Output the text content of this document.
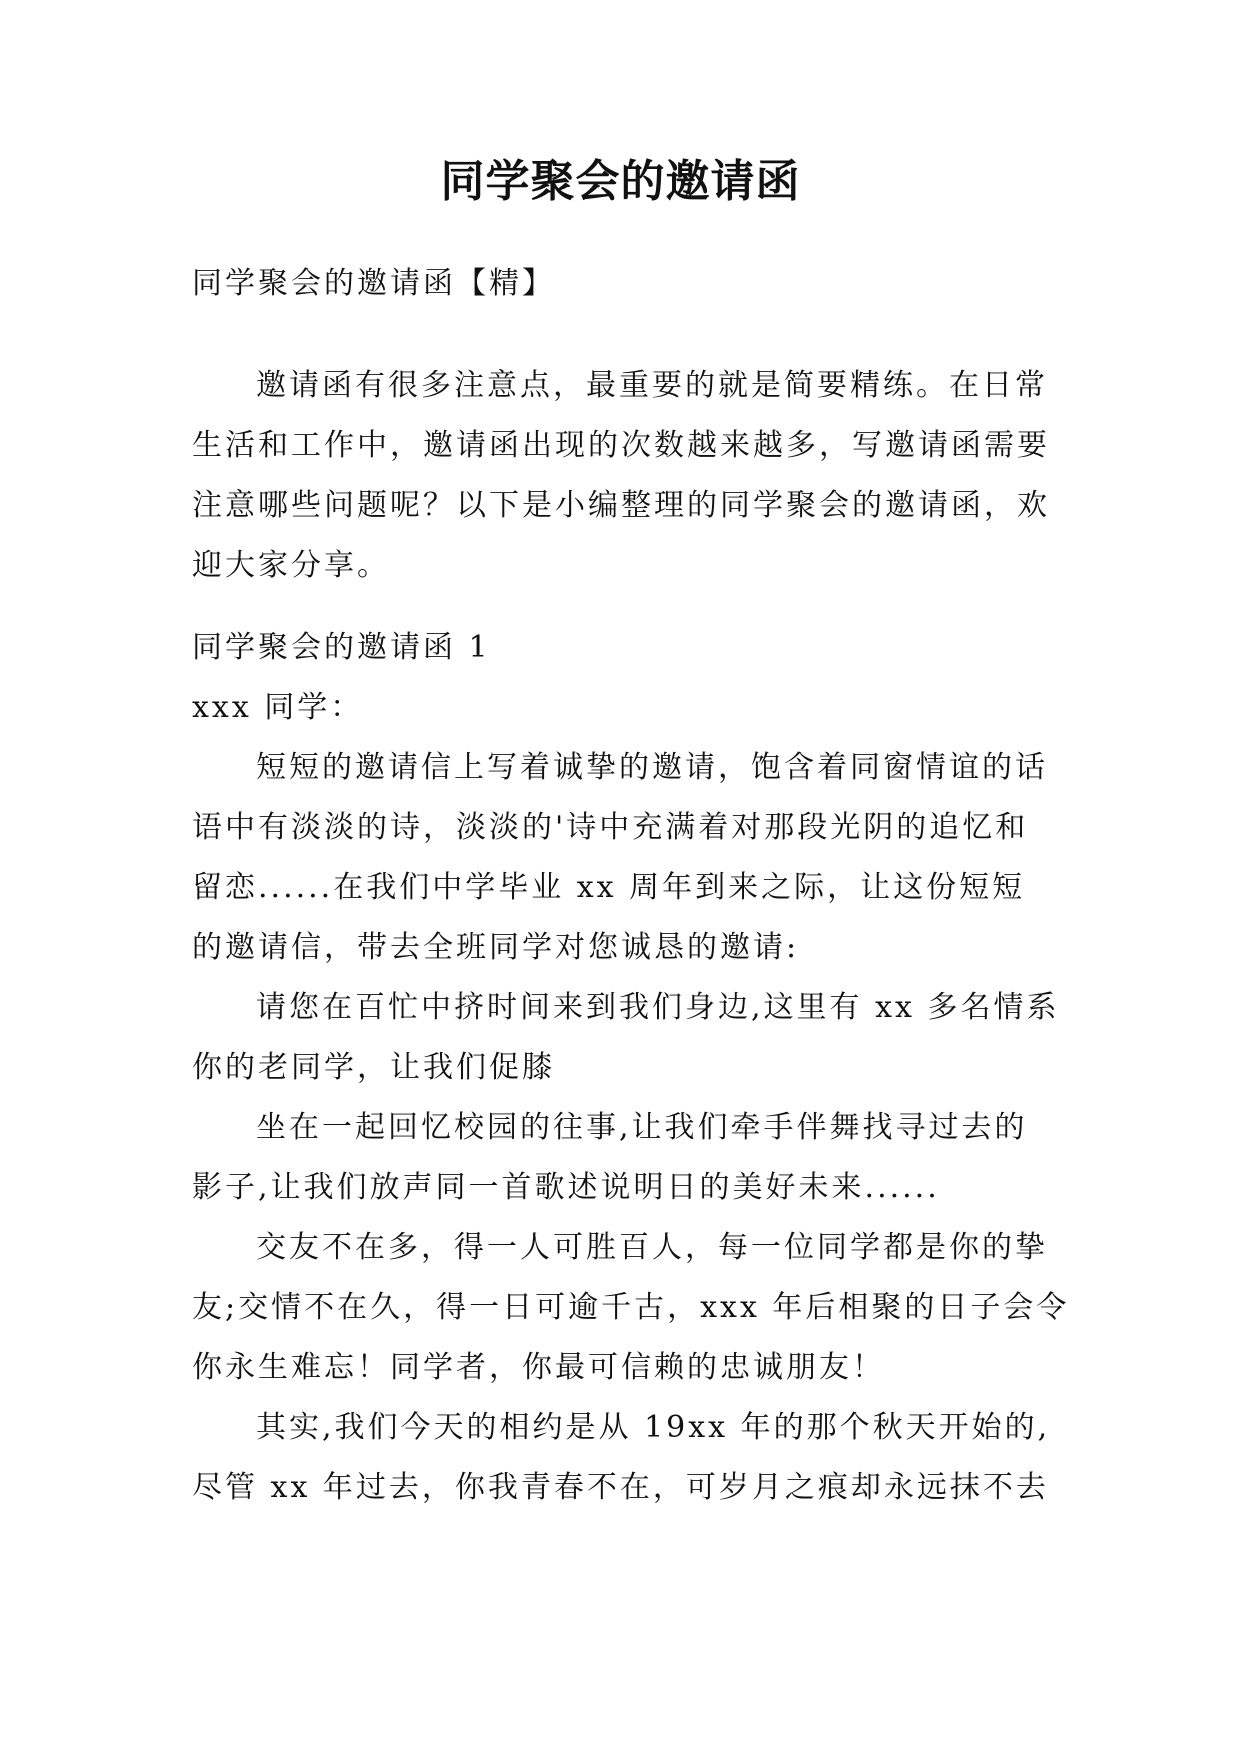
同学聚会的邀请函
同学聚会的邀请函【精】
邀请函有很多注意点，最重要的就是简要精练。在日常
生活和工作中，邀请函出现的次数越来越多，写邀请函需要
注意哪些问题呢？以下是小编整理的同学聚会的邀请函，欢
迎大家分享。
同学聚会的邀请函 1
xxx 同学：
短短的邀请信上写着诚挚的邀请，饱含着同窗情谊的话
语中有淡淡的诗，淡淡的'诗中充满着对那段光阴的追忆和
留恋......在我们中学毕业 xx 周年到来之际，让这份短短
的邀请信，带去全班同学对您诚恳的邀请:
请您在百忙中挤时间来到我们身边,这里有 xx 多名情系
你的老同学，让我们促膝
坐在一起回忆校园的往事,让我们牵手伴舞找寻过去的
影子,让我们放声同一首歌述说明日的美好未来......
交友不在多，得一人可胜百人，每一位同学都是你的挚
友;交情不在久，得一日可逾千古，xxx 年后相聚的日子会令
你永生难忘！同学者，你最可信赖的忠诚朋友！
其实,我们今天的相约是从 19xx 年的那个秋天开始的,
尽管 xx 年过去，你我青春不在，可岁月之痕却永远抹不去
